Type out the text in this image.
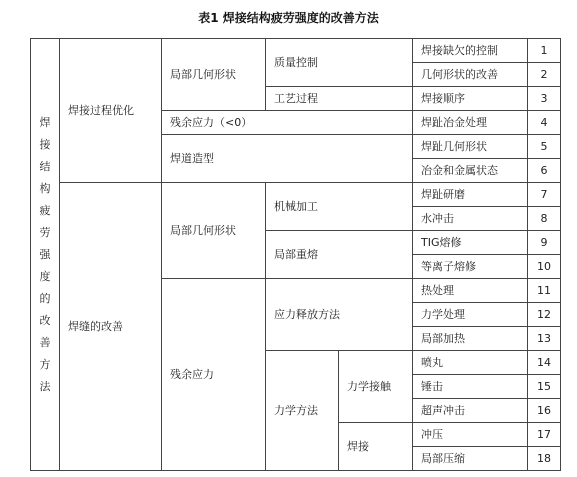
表1 焊接结构疲劳强度的改善方法
焊接结构疲劳强度的改善方法	焊接过程优化	局部几何形状	质量控制		焊接缺欠的控制	1
					几何形状的改善	2
			工艺过程		焊接顺序	3
		残余应力（<0）			焊趾冶金处理	4
		焊道造型			焊趾几何形状	5
					冶金和金属状态	6
	焊缝的改善	局部几何形状	机械加工		焊趾研磨	7
					水冲击	8
			局部重熔		TIG熔修	9
					等离子熔修	10
		残余应力	应力释放方法		热处理	11
					力学处理	12
					局部加热	13
			力学方法	力学接触	喷丸	14
					锤击	15
					超声冲击	16
				焊接	冲压	17
					局部压缩	18
